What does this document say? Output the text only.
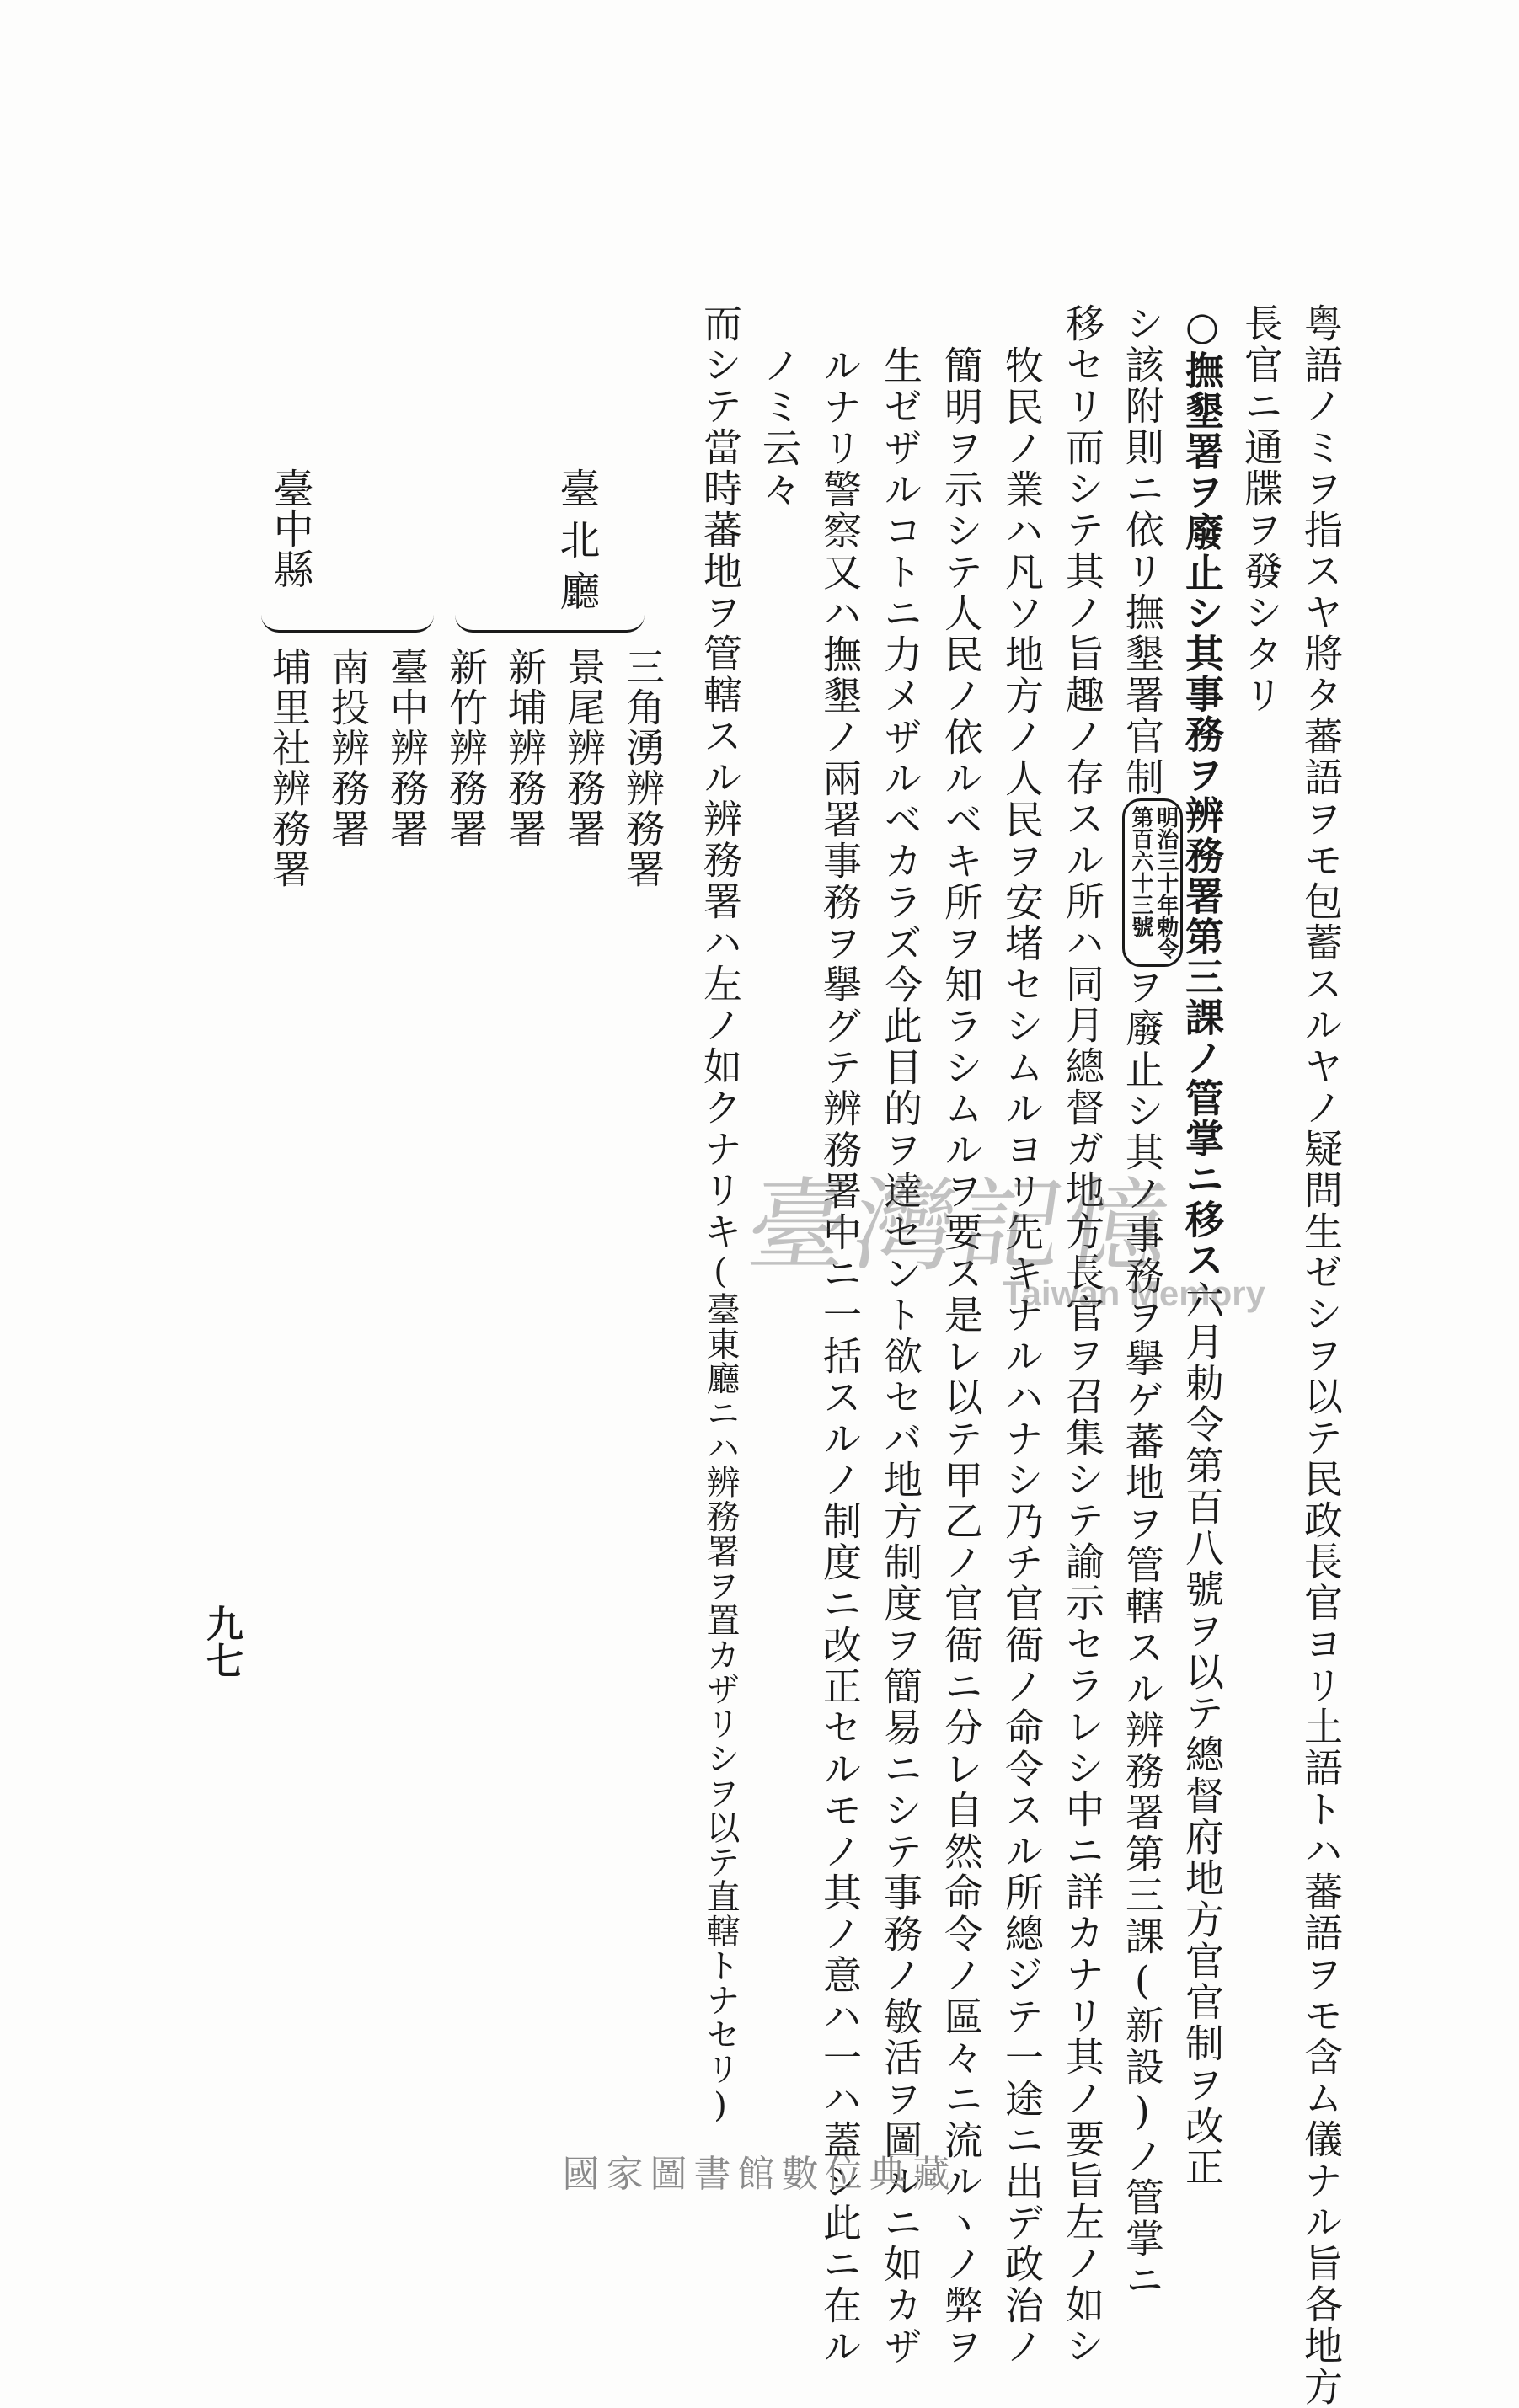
粤語ノミヲ指スヤ將タ蕃語ヲモ包蓄スルヤノ疑問生ゼシヲ以テ民政長官ヨリ土語トハ蕃語ヲモ含ム儀ナル旨各地方
長官ニ通牒ヲ發シタリ
○撫墾署ヲ廢止シ其事務ヲ辨務署第三課ノ管掌ニ移ス六月勅令第百八號ヲ以テ總督府地方官官制ヲ改正
シ該附則ニ依リ撫墾署官制
明治三十年勅令
第百六十三號
ヲ廢止シ其ノ事務ヲ擧ゲ蕃地ヲ管轄スル辨務署第三課(新設)ノ管掌ニ
移セリ而シテ其ノ旨趣ノ存スル所ハ同月總督ガ地方長官ヲ召集シテ諭示セラレシ中ニ詳カナリ其ノ要旨左ノ如シ
牧民ノ業ハ凡ソ地方ノ人民ヲ安堵セシムルヨリ先キナルハナシ乃チ官衙ノ命令スル所總ジテ一途ニ出デ政治ノ
簡明ヲ示シテ人民ノ依ルベキ所ヲ知ラシムルヲ要ス是レ以テ甲乙ノ官衙ニ分レ自然命令ノ區々ニ流ルヽノ弊ヲ
生ゼザルコトニ力メザルベカラズ今此目的ヲ達セント欲セバ地方制度ヲ簡易ニシテ事務ノ敏活ヲ圖ルニ如カザ
ルナリ警察又ハ撫墾ノ兩署事務ヲ擧グテ辨務署中ニ一括スルノ制度ニ改正セルモノ其ノ意ハ一ハ蓋シ此ニ在ル
ノミ云々
而シテ當時蕃地ヲ管轄スル辨務署ハ左ノ如クナリキ(臺東廳ニハ辨務署ヲ置カザリシヲ以テ直轄トナセリ)
臺北廳
三角湧辨務署
景尾辨務署
新埔辨務署
新竹辨務署
臺中縣
臺中辨務署
南投辨務署
埔里社辨務署
九七
臺灣記憶
Taiwan Memory
國家圖書館數位典藏
